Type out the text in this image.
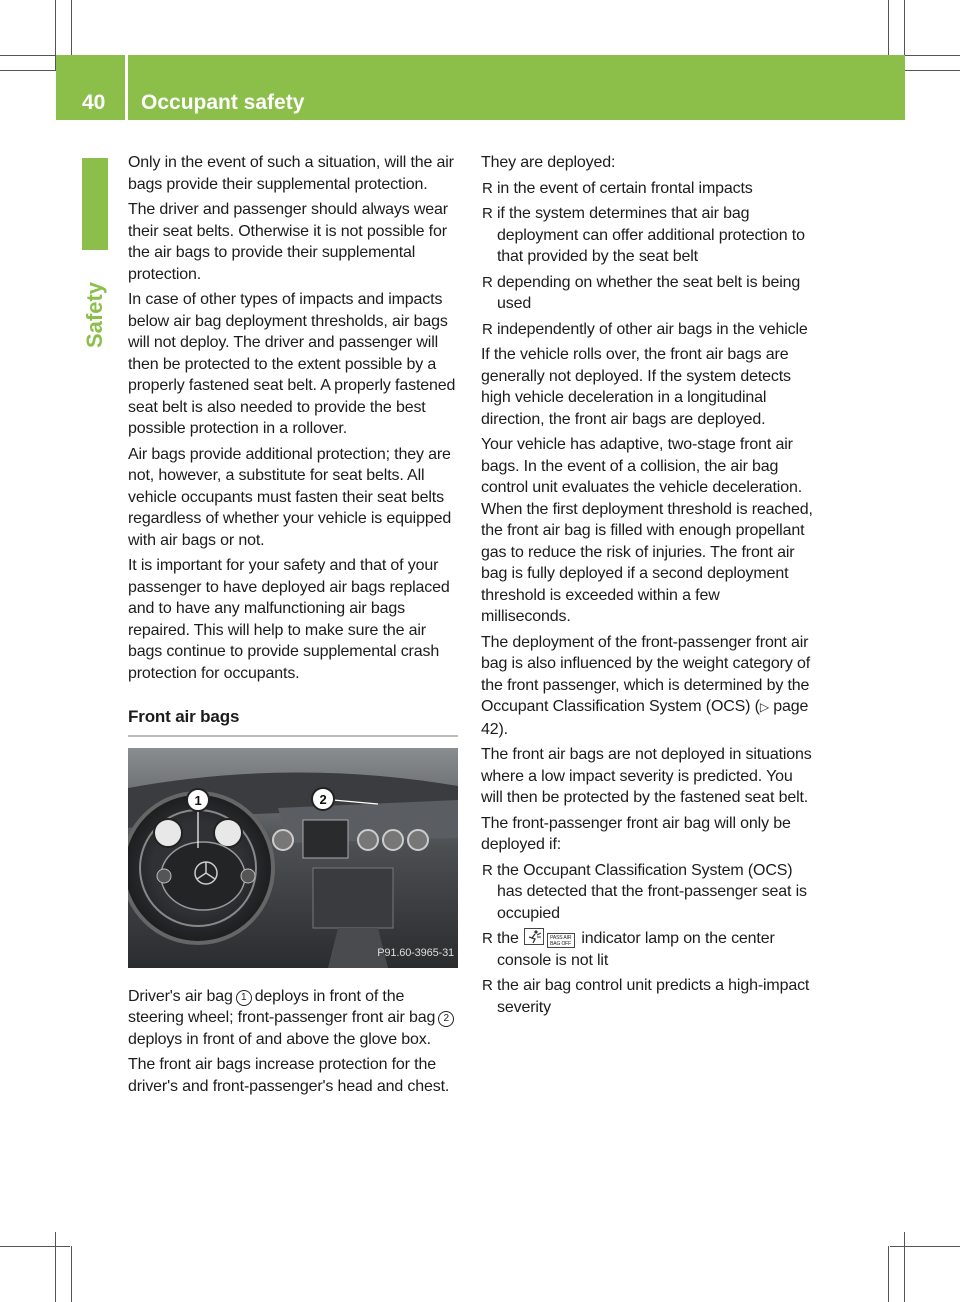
40 Occupant safety
Safety

Only in the event of such a situation, will the air bags provide their supplemental protection.

The driver and passenger should always wear their seat belts. Otherwise it is not possible for the air bags to provide their supplemental protection.

In case of other types of impacts and impacts below air bag deployment thresholds, air bags will not deploy. The driver and passenger will then be protected to the extent possible by a properly fastened seat belt. A properly fastened seat belt is also needed to provide the best possible protection in a rollover.

Air bags provide additional protection; they are not, however, a substitute for seat belts. All vehicle occupants must fasten their seat belts regardless of whether your vehicle is equipped with air bags or not.

It is important for your safety and that of your passenger to have deployed air bags replaced and to have any malfunctioning air bags repaired. This will help to make sure the air bags continue to provide supplemental crash protection for occupants.

Front air bags
1	2
P91.60-3965-31

Driver's air bag 1 deploys in front of the steering wheel; front-passenger front air bag 2deploys in front of and above the glove box.

The front air bags increase protection for the driver's and front-passenger's head and chest.

They are deployed:

R in the event of certain frontal impacts
R if the system determines that air bag deployment can offer additional protection to that provided by the seat belt
R depending on whether the seat belt is being used
R independently of other air bags in the vehicle

If the vehicle rolls over, the front air bags are generally not deployed. If the system detects high vehicle deceleration in a longitudinal direction, the front air bags are deployed.

Your vehicle has adaptive, two-stage front air bags. In the event of a collision, the air bag control unit evaluates the vehicle deceleration. When the first deployment threshold is reached, the front air bag is filled with enough propellant gas to reduce the risk of injuries. The front air bag is fully deployed if a second deployment threshold is exceeded within a few milliseconds.

The deployment of the front-passenger front air bag is also influenced by the weight category of the front passenger, which is determined by the Occupant Classification System (OCS) (▷ page 42).

The front air bags are not deployed in situations where a low impact severity is predicted. You will then be protected by the fastened seat belt.

The front-passenger front air bag will only be deployed if:

R the Occupant Classification System (OCS) has detected that the front-passenger seat is occupied
R the	PASS AIR BAG OFF indicator lamp on the center console is not lit
R the air bag control unit predicts a high-impact severity
